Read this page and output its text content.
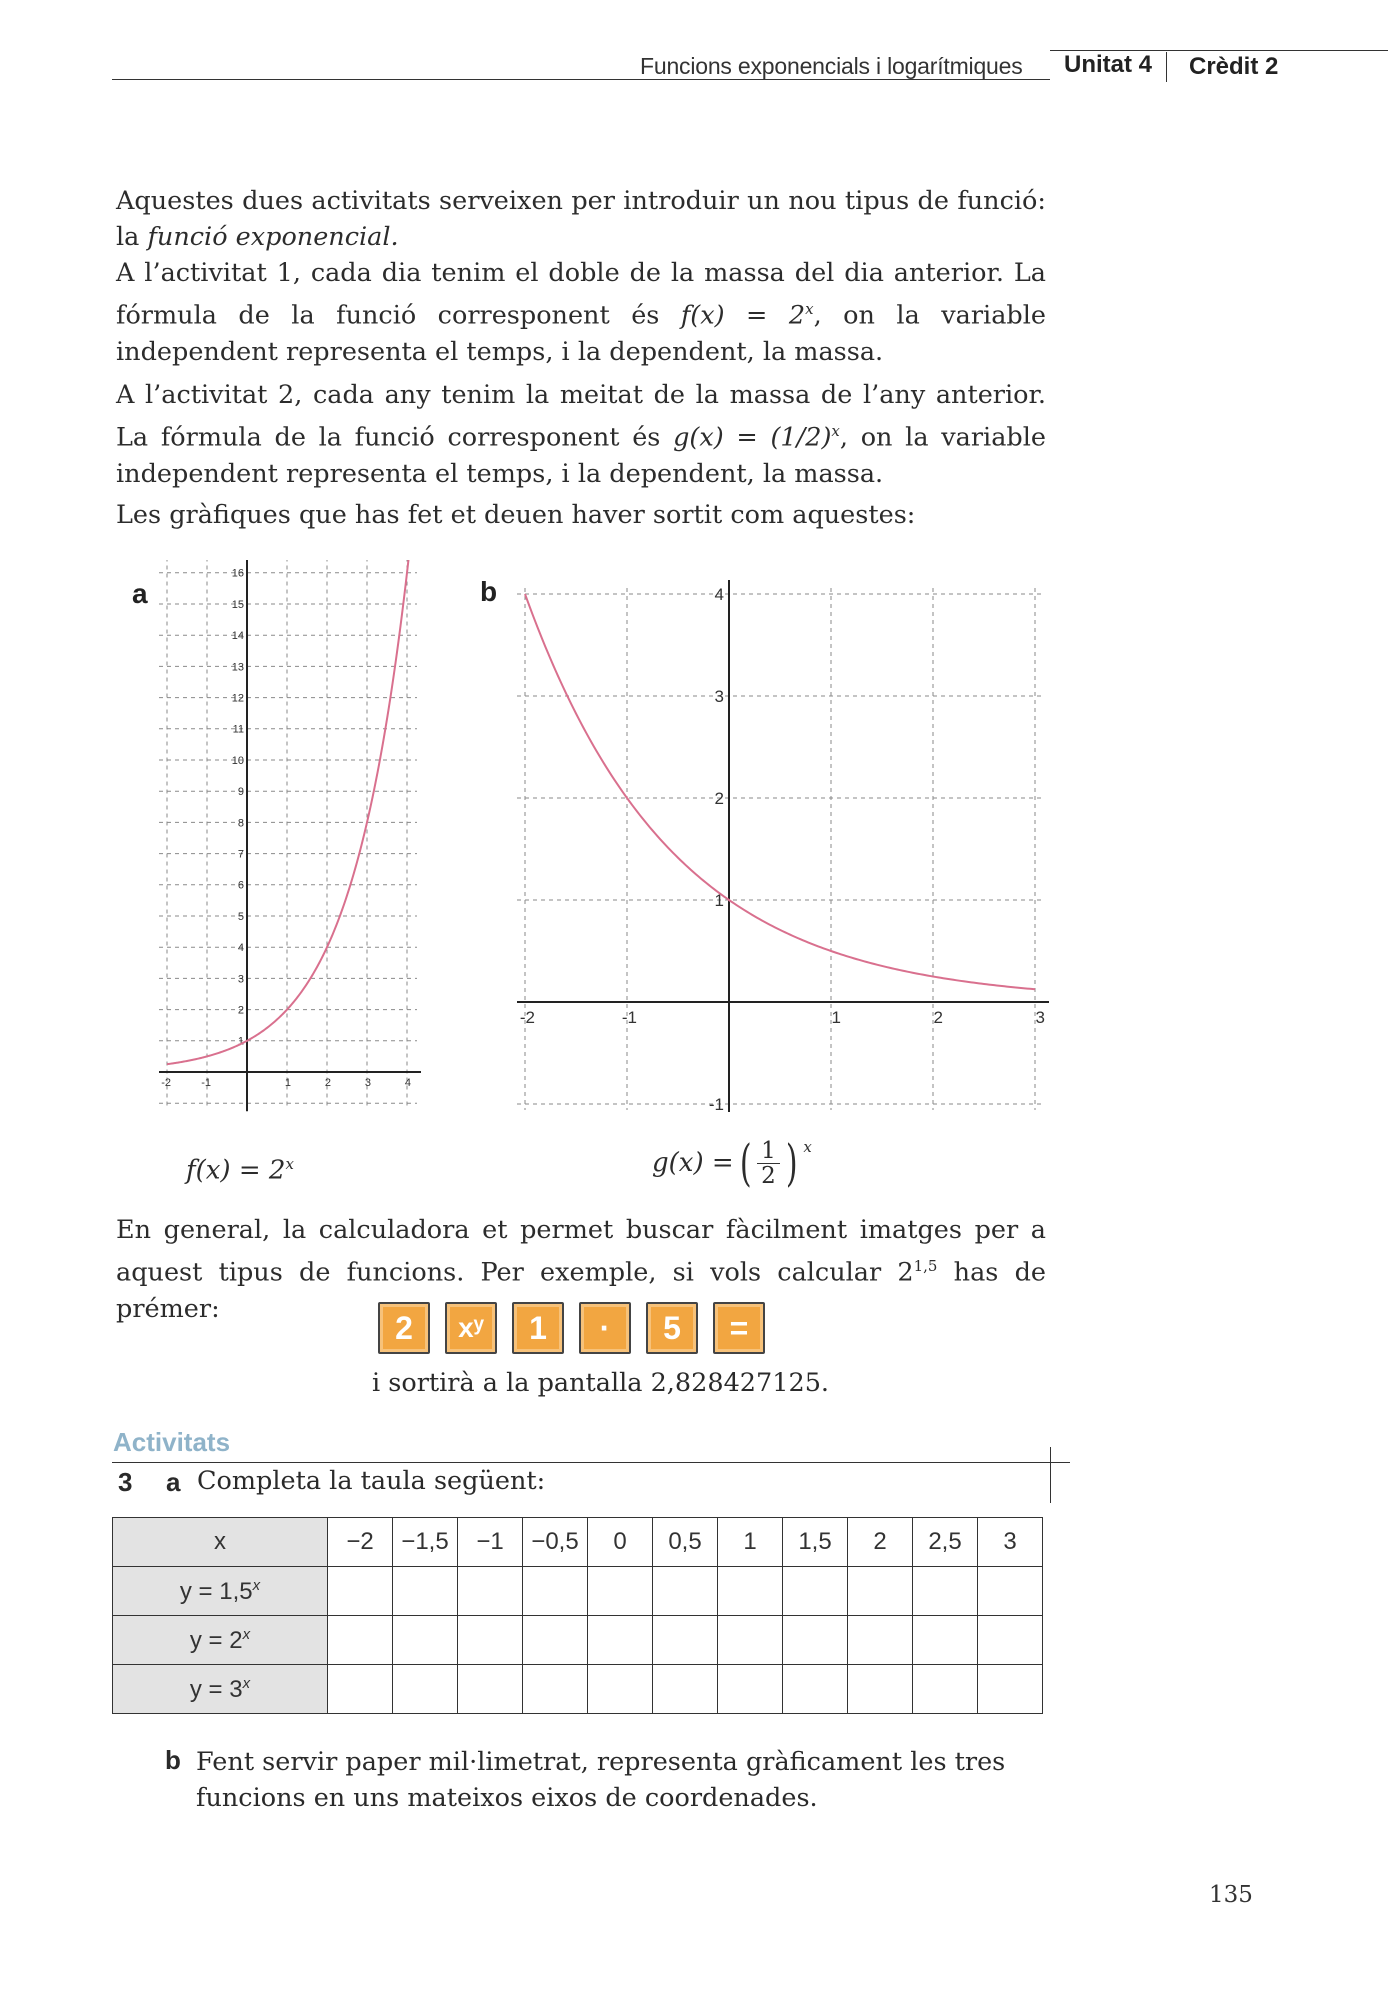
Funcions exponencials i logarítmiques Unitat 4 Crèdit 2
Aquestes dues activitats serveixen per introduir un nou tipus de funció: la funció exponencial.
A l’activitat 1, cada dia tenim el doble de la massa del dia anterior. La fórmula de la funció corresponent és $f(x) = 2^x$, on la variable independent representa el temps, i la dependent, la massa.
A l’activitat 2, cada any tenim la meitat de la massa de l’any anterior. La fórmula de la funció corresponent és $g(x) = (1/2)^x$, on la variable independent representa el temps, i la dependent, la massa.
Les gràfiques que has fet et deuen haver sortit com aquestes:
a
-2	-1	1	2	3	4
1
2
3
4
5
6
7
8
9
10
11
12
13
14
15
16
b
-2	-1	1	2	3
-1
1
2
3
4
$f(x) = 2^x$	g(x) = ( $\frac{1}{2}$ ) x
En general, la calculadora et permet buscar fàcilment imatges per a aquest tipus de funcions. Per exemple, si vols calcular 2$^{1,5}$ has de prémer:
2	xʸ	1	·	5	=
i sortirà a la pantalla 2,828427125.
Activitats
3 a Completa la taula següent:
x	−2	−1,5	−1	−0,5	0	0,5	1	1,5	2	2,5	3
$y = 1,5^x$											
$y = 2^x$											
$y = 3^x$											
b Fent servir paper mil·limetrat, representa gràficament les tres funcions en uns mateixos eixos de coordenades.
135
